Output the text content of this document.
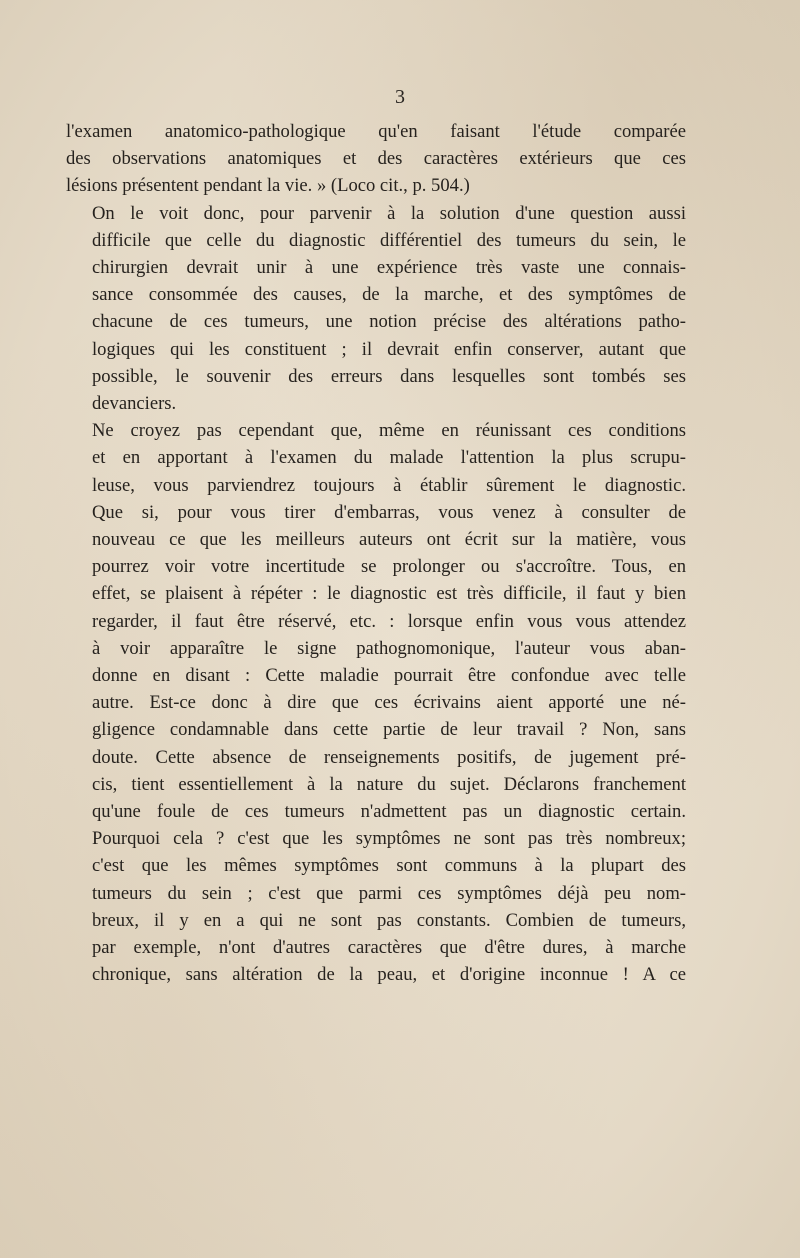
3

l'examen anatomico-pathologique qu'en faisant l'étude comparée
des observations anatomiques et des caractères extérieurs que ces
lésions présentent pendant la vie. » (Loco cit., p. 504.)

On le voit donc, pour parvenir à la solution d'une question aussi
difficile que celle du diagnostic différentiel des tumeurs du sein, le
chirurgien devrait unir à une expérience très vaste une connais-
sance consommée des causes, de la marche, et des symptômes de
chacune de ces tumeurs, une notion précise des altérations patho-
logiques qui les constituent ; il devrait enfin conserver, autant que
possible, le souvenir des erreurs dans lesquelles sont tombés ses
devanciers.

Ne croyez pas cependant que, même en réunissant ces conditions
et en apportant à l'examen du malade l'attention la plus scrupu-
leuse, vous parviendrez toujours à établir sûrement le diagnostic.
Que si, pour vous tirer d'embarras, vous venez à consulter de
nouveau ce que les meilleurs auteurs ont écrit sur la matière, vous
pourrez voir votre incertitude se prolonger ou s'accroître. Tous, en
effet, se plaisent à répéter : le diagnostic est très difficile, il faut y bien
regarder, il faut être réservé, etc. : lorsque enfin vous vous attendez
à voir apparaître le signe pathognomonique, l'auteur vous aban-
donne en disant : Cette maladie pourrait être confondue avec telle
autre. Est-ce donc à dire que ces écrivains aient apporté une né-
gligence condamnable dans cette partie de leur travail ? Non, sans
doute. Cette absence de renseignements positifs, de jugement pré-
cis, tient essentiellement à la nature du sujet. Déclarons franchement
qu'une foule de ces tumeurs n'admettent pas un diagnostic certain.
Pourquoi cela ? c'est que les symptômes ne sont pas très nombreux;
c'est que les mêmes symptômes sont communs à la plupart des
tumeurs du sein ; c'est que parmi ces symptômes déjà peu nom-
breux, il y en a qui ne sont pas constants. Combien de tumeurs,
par exemple, n'ont d'autres caractères que d'être dures, à marche
chronique, sans altération de la peau, et d'origine inconnue ! A ce
